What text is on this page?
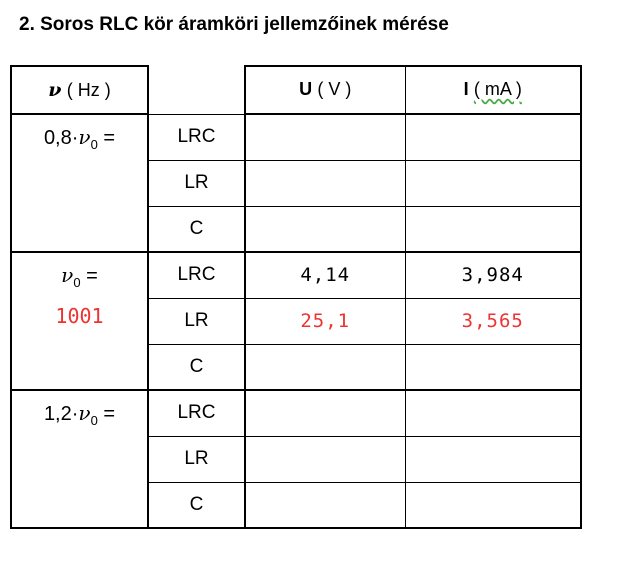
2. Soros RLC kör áramköri jellemzőinek mérése
ν ( Hz )		U ( V )	I ( mA )

$0,8\cdot\nu_0$ =	LRC		
	LR		
	C		

$\nu_0$ =
1001	LRC	4,14	3,984
	LR	25,1	3,565
	C		

$1,2\cdot\nu_0$ =	LRC		
	LR		
	C		
